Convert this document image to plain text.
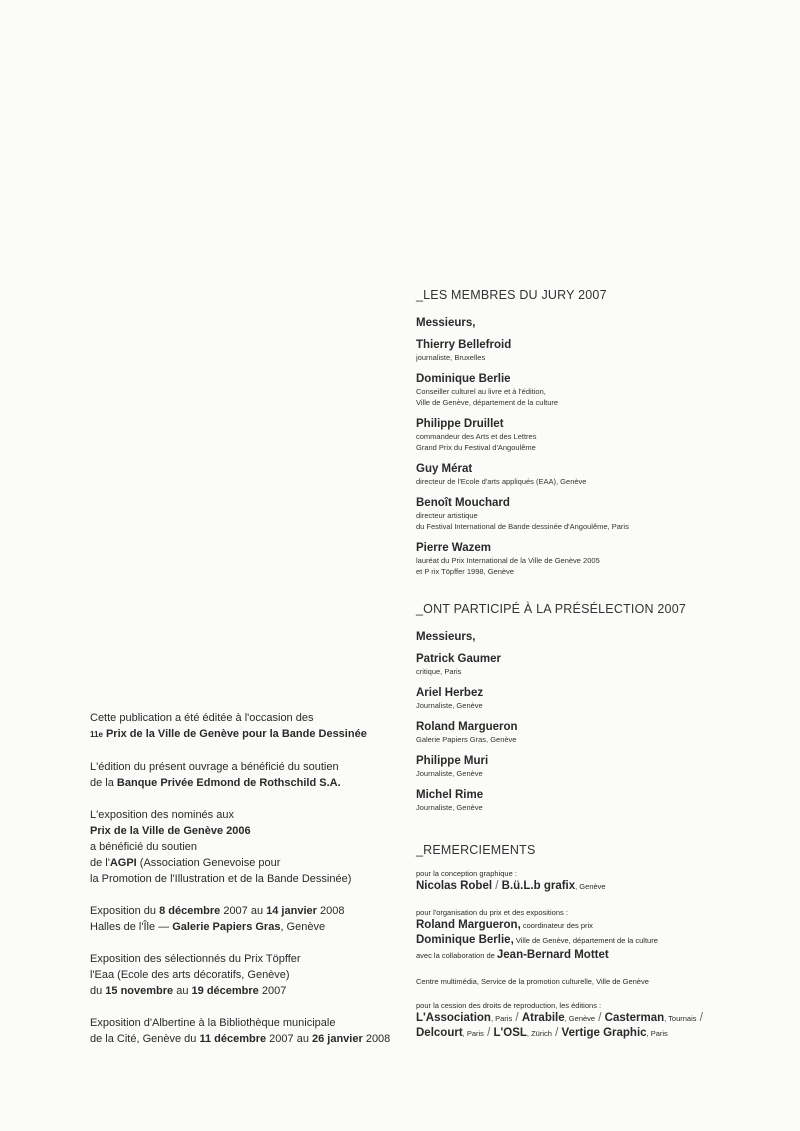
_LES MEMBRES DU JURY 2007
Messieurs,
Thierry Bellefroid
journaliste, Bruxelles
Dominique Berlie
Conseiller culturel au livre et à l'édition,
Ville de Genève, département de la culture
Philippe Druillet
commandeur des Arts et des Lettres
Grand Prix du Festival d'Angoulême
Guy Mérat
directeur de l'Ecole d'arts appliqués (EAA), Genève
Benoît Mouchard
directeur artistique
du Festival International de Bande dessinée d'Angoulême, Paris
Pierre Wazem
lauréat du Prix International de la Ville de Genève 2005
et P rix Töpffer 1998, Genève
_ONT PARTICIPÉ À LA PRÉSÉLECTION 2007
Messieurs,
Patrick Gaumer
critique, Paris
Ariel Herbez
Journaliste, Genève
Roland Margueron
Galerie Papiers Gras, Genève
Philippe Muri
Journaliste, Genève
Michel Rime
Journaliste, Genève
_REMERCIEMENTS
pour la conception graphique :
Nicolas Robel / B.ü.L.b grafix, Genève
pour l'organisation du prix et des expositions :
Roland Margueron, coordinateur des prix
Dominique Berlie, Ville de Genève, département de la culture
avec la collaboration de Jean-Bernard Mottet
Centre multimédia, Service de la promotion culturelle, Ville de Genève
pour la cession des droits de reproduction, les éditions :
L'Association, Paris / Atrabile, Genève / Casterman, Tournais /
Delcourt, Paris / L'OSL, Zürich / Vertige Graphic, Paris
Cette publication a été éditée à l'occasion des
11e Prix de la Ville de Genève pour la Bande Dessinée
L'édition du présent ouvrage a bénéficié du soutien
de la Banque Privée Edmond de Rothschild S.A.
L'exposition des nominés aux
Prix de la Ville de Genève 2006
a bénéficié du soutien
de l'AGPI (Association Genevoise pour
la Promotion de l'Illustration et de la Bande Dessinée)
Exposition du 8 décembre 2007 au 14 janvier 2008
Halles de l'Île — Galerie Papiers Gras, Genève
Exposition des sélectionnés du Prix Töpffer
l'Eaa (Ecole des arts décoratifs, Genève)
du 15 novembre au 19 décembre 2007
Exposition d'Albertine à la Bibliothèque municipale
de la Cité, Genève du 11 décembre 2007 au 26 janvier 2008
